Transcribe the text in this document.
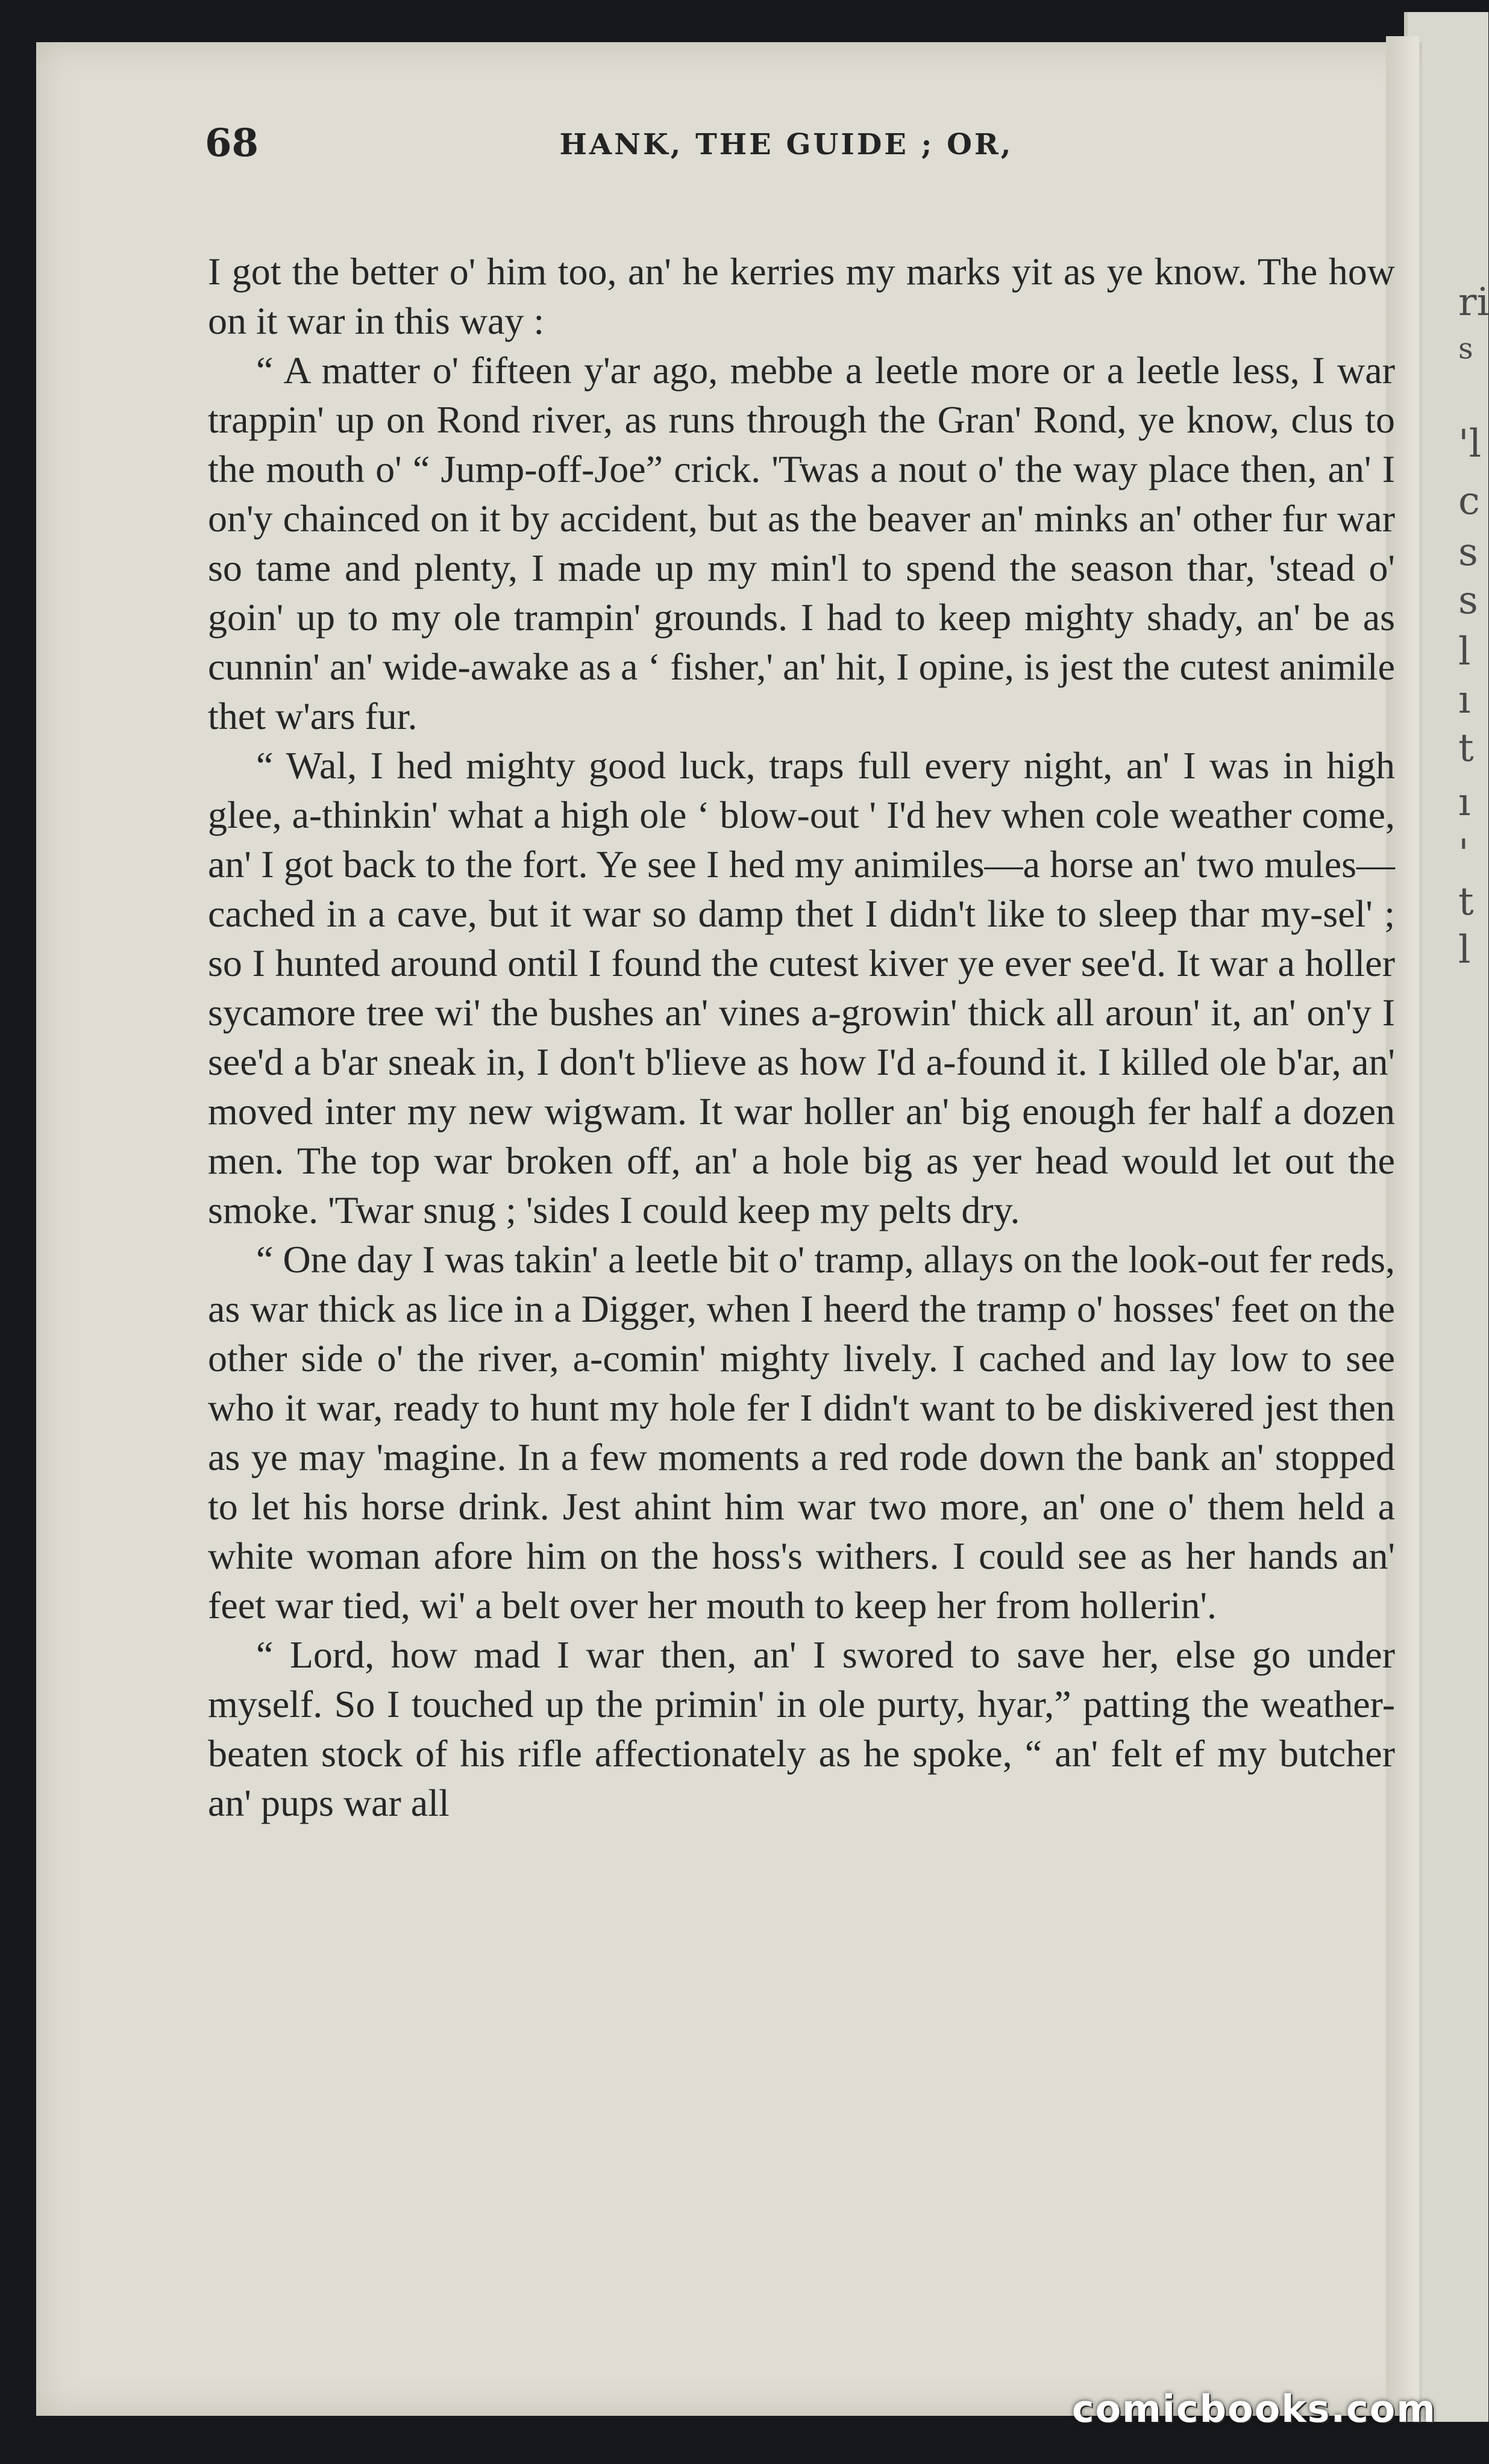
ri
s
'l
c
s
s
l
ı
t
ı
'
t
l
68	HANK, THE GUIDE ; OR,

I got the better o' him too, an' he kerries my marks yit as ye know. The how on it war in this way :

“ A matter o' fifteen y'ar ago, mebbe a leetle more or a leetle less, I war trappin' up on Rond river, as runs through the Gran' Rond, ye know, clus to the mouth o' “ Jump-off-Joe” crick. 'Twas a nout o' the way place then, an' I on'y chainced on it by accident, but as the beaver an' minks an' other fur war so tame and plenty, I made up my min'l to spend the season thar, 'stead o' goin' up to my ole trampin' grounds. I had to keep mighty shady, an' be as cunnin' an' wide-awake as a ‘ fisher,' an' hit, I opine, is jest the cutest animile thet w'ars fur.

“ Wal, I hed mighty good luck, traps full every night, an' I was in high glee, a-thinkin' what a high ole ‘ blow-out ' I'd hev when cole weather come, an' I got back to the fort. Ye see I hed my animiles—a horse an' two mules—cached in a cave, but it war so damp thet I didn't like to sleep thar my-sel' ; so I hunted around ontil I found the cutest kiver ye ever see'd. It war a holler sycamore tree wi' the bushes an' vines a-growin' thick all aroun' it, an' on'y I see'd a b'ar sneak in, I don't b'lieve as how I'd a-found it. I killed ole b'ar, an' moved inter my new wigwam. It war holler an' big enough fer half a dozen men. The top war broken off, an' a hole big as yer head would let out the smoke. 'Twar snug ; 'sides I could keep my pelts dry.

“ One day I was takin' a leetle bit o' tramp, allays on the look-out fer reds, as war thick as lice in a Digger, when I heerd the tramp o' hosses' feet on the other side o' the river, a-comin' mighty lively. I cached and lay low to see who it war, ready to hunt my hole fer I didn't want to be diskivered jest then as ye may 'magine. In a few moments a red rode down the bank an' stopped to let his horse drink. Jest ahint him war two more, an' one o' them held a white woman afore him on the hoss's withers. I could see as her hands an' feet war tied, wi' a belt over her mouth to keep her from hollerin'.

“ Lord, how mad I war then, an' I swored to save her, else go under myself. So I touched up the primin' in ole purty, hyar,” patting the weather-beaten stock of his rifle affectionately as he spoke, “ an' felt ef my butcher an' pups war all

comicbooks.com
